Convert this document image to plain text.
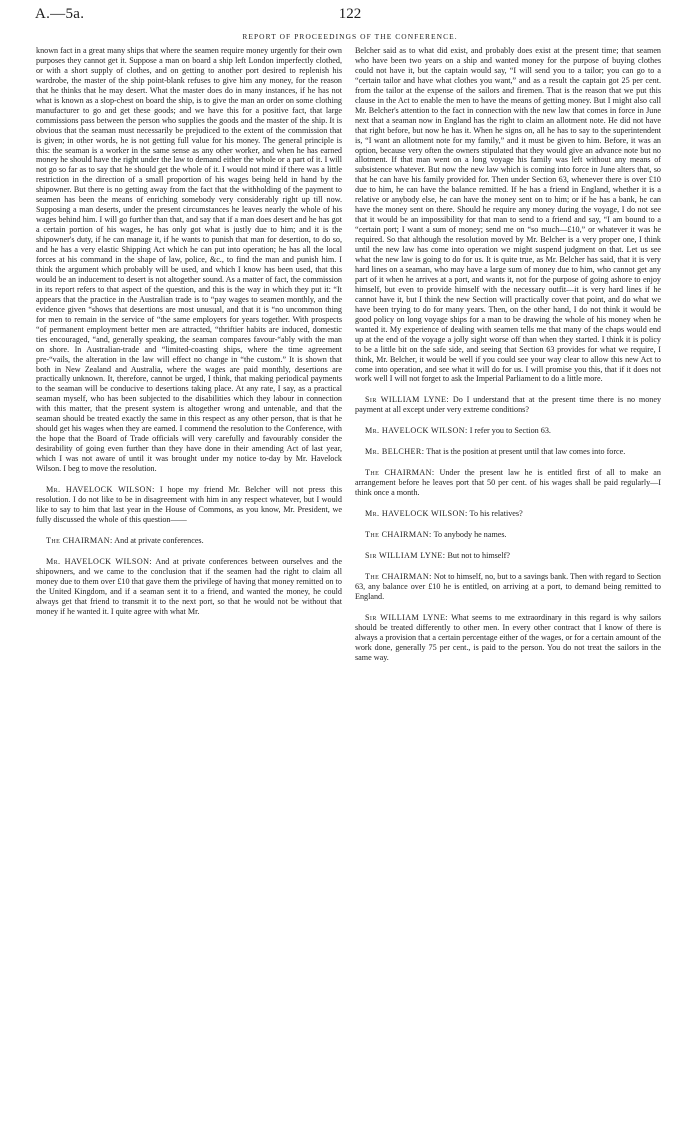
A.—5a.	122
REPORT OF PROCEEDINGS OF THE CONFERENCE.

known fact in a great many ships that where the seamen require money urgently for their own purposes they cannot get it. Suppose a man on board a ship left London imperfectly clothed, or with a short supply of clothes, and on getting to another port desired to replenish his wardrobe, the master of the ship point-blank refuses to give him any money, for the reason that he thinks that he may desert. What the master does do in many instances, if he has not what is known as a slop-chest on board the ship, is to give the man an order on some clothing manufacturer to go and get these goods; and we have this for a positive fact, that large commissions pass between the person who supplies the goods and the master of the ship. It is obvious that the seaman must necessarily be prejudiced to the extent of the commission that is given; in other words, he is not getting full value for his money. The general principle is this: the seaman is a worker in the same sense as any other worker, and when he has earned money he should have the right under the law to demand either the whole or a part of it. I will not go so far as to say that he should get the whole of it. I would not mind if there was a little restriction in the direction of a small proportion of his wages being held in hand by the shipowner. But there is no getting away from the fact that the withholding of the payment to seamen has been the means of enriching somebody very considerably right up till now. Supposing a man deserts, under the present circumstances he leaves nearly the whole of his wages behind him. I will go further than that, and say that if a man does desert and he has got a certain portion of his wages, he has only got what is justly due to him; and it is the shipowner's duty, if he can manage it, if he wants to punish that man for desertion, to do so, and he has a very elastic Shipping Act which he can put into operation; he has all the local forces at his command in the shape of law, police, &c., to find the man and punish him. I think the argument which probably will be used, and which I know has been used, that this would be an inducement to desert is not altogether sound. As a matter of fact, the commission in its report refers to that aspect of the question, and this is the way in which they put it: “It appears that the practice in the Australian trade is to “pay wages to seamen monthly, and the evidence given “shows that desertions are most unusual, and that it is “no uncommon thing for men to remain in the service of “the same employers for years together. With prospects “of permanent employment better men are attracted, “thriftier habits are induced, domestic ties encouraged, “and, generally speaking, the seaman compares favour-“ably with the man on shore. In Australian-trade and “limited-coasting ships, where the time agreement pre-“vails, the alteration in the law will effect no change in “the custom.” It is shown that both in New Zealand and Australia, where the wages are paid monthly, desertions are practically unknown. It, therefore, cannot be urged, I think, that making periodical payments to the seaman will be conducive to desertions taking place. At any rate, I say, as a practical seaman myself, who has been subjected to the disabilities which they labour in connection with this matter, that the present system is altogether wrong and untenable, and that the seaman should be treated exactly the same in this respect as any other person, that is that he should get his wages when they are earned. I commend the resolution to the Conference, with the hope that the Board of Trade officials will very carefully and favourably consider the desirability of going even further than they have done in their amending Act of last year, which I was not aware of until it was brought under my notice to-day by Mr. Havelock Wilson. I beg to move the resolution.

Mr. HAVELOCK WILSON: I hope my friend Mr. Belcher will not press this resolution. I do not like to be in disagreement with him in any respect whatever, but I would like to say to him that last year in the House of Commons, as you know, Mr. President, we fully discussed the whole of this question——

The CHAIRMAN: And at private conferences.

Mr. HAVELOCK WILSON: And at private conferences between ourselves and the shipowners, and we came to the conclusion that if the seamen had the right to claim all money due to them over £10 that gave them the privilege of having that money remitted on to the United Kingdom, and if a seaman sent it to a friend, and wanted the money, he could always get that friend to transmit it to the next port, so that he would not be without that money if he wanted it. I quite agree with what Mr.

Belcher said as to what did exist, and probably does exist at the present time; that seamen who have been two years on a ship and wanted money for the purpose of buying clothes could not have it, but the captain would say, “I will send you to a tailor; you can go to a “certain tailor and have what clothes you want,” and as a result the captain got 25 per cent. from the tailor at the expense of the sailors and firemen. That is the reason that we put this clause in the Act to enable the men to have the means of getting money. But I might also call Mr. Belcher's attention to the fact in connection with the new law that comes in force in June next that a seaman now in England has the right to claim an allotment note. He did not have that right before, but now he has it. When he signs on, all he has to say to the superintendent is, “I want an allotment note for my family,” and it must be given to him. Before, it was an option, because very often the owners stipulated that they would give an advance note but no allotment. If that man went on a long voyage his family was left without any means of subsistence whatever. But now the new law which is coming into force in June alters that, so that he can have his family provided for. Then under Section 63, whenever there is over £10 due to him, he can have the balance remitted. If he has a friend in England, whether it is a relative or anybody else, he can have the money sent on to him; or if he has a bank, he can have the money sent on there. Should he require any money during the voyage, I do not see that it would be an impossibility for that man to send to a friend and say, “I am bound to a “certain port; I want a sum of money; send me on “so much—£10,” or whatever it was he required. So that although the resolution moved by Mr. Belcher is a very proper one, I think until the new law has come into operation we might suspend judgment on that. Let us see what the new law is going to do for us. It is quite true, as Mr. Belcher has said, that it is very hard lines on a seaman, who may have a large sum of money due to him, who cannot get any part of it when he arrives at a port, and wants it, not for the purpose of going ashore to enjoy himself, but even to provide himself with the necessary outfit—it is very hard lines if he cannot have it, but I think the new Section will practically cover that point, and do what we have been trying to do for many years. Then, on the other hand, I do not think it would be good policy on long voyage ships for a man to be drawing the whole of his money when he wanted it. My experience of dealing with seamen tells me that many of the chaps would end up at the end of the voyage a jolly sight worse off than when they started. I think it is policy to be a little bit on the safe side, and seeing that Section 63 provides for what we require, I think, Mr. Belcher, it would be well if you could see your way clear to allow this new Act to come into operation, and see what it will do for us. I will promise you this, that if it does not work well I will not forget to ask the Imperial Parliament to do a little more.

Sir WILLIAM LYNE: Do I understand that at the present time there is no money payment at all except under very extreme conditions?

Mr. HAVELOCK WILSON: I refer you to Section 63.

Mr. BELCHER: That is the position at present until that law comes into force.

The CHAIRMAN: Under the present law he is entitled first of all to make an arrangement before he leaves port that 50 per cent. of his wages shall be paid regularly—I think once a month.

Mr. HAVELOCK WILSON: To his relatives?

The CHAIRMAN: To anybody he names.

Sir WILLIAM LYNE: But not to himself?

The CHAIRMAN: Not to himself, no, but to a savings bank. Then with regard to Section 63, any balance over £10 he is entitled, on arriving at a port, to demand being remitted to England.

Sir WILLIAM LYNE: What seems to me extraordinary in this regard is why sailors should be treated differently to other men. In every other contract that I know of there is always a provision that a certain percentage either of the wages, or for a certain amount of the work done, generally 75 per cent., is paid to the person. You do not treat the sailors in the same way.
